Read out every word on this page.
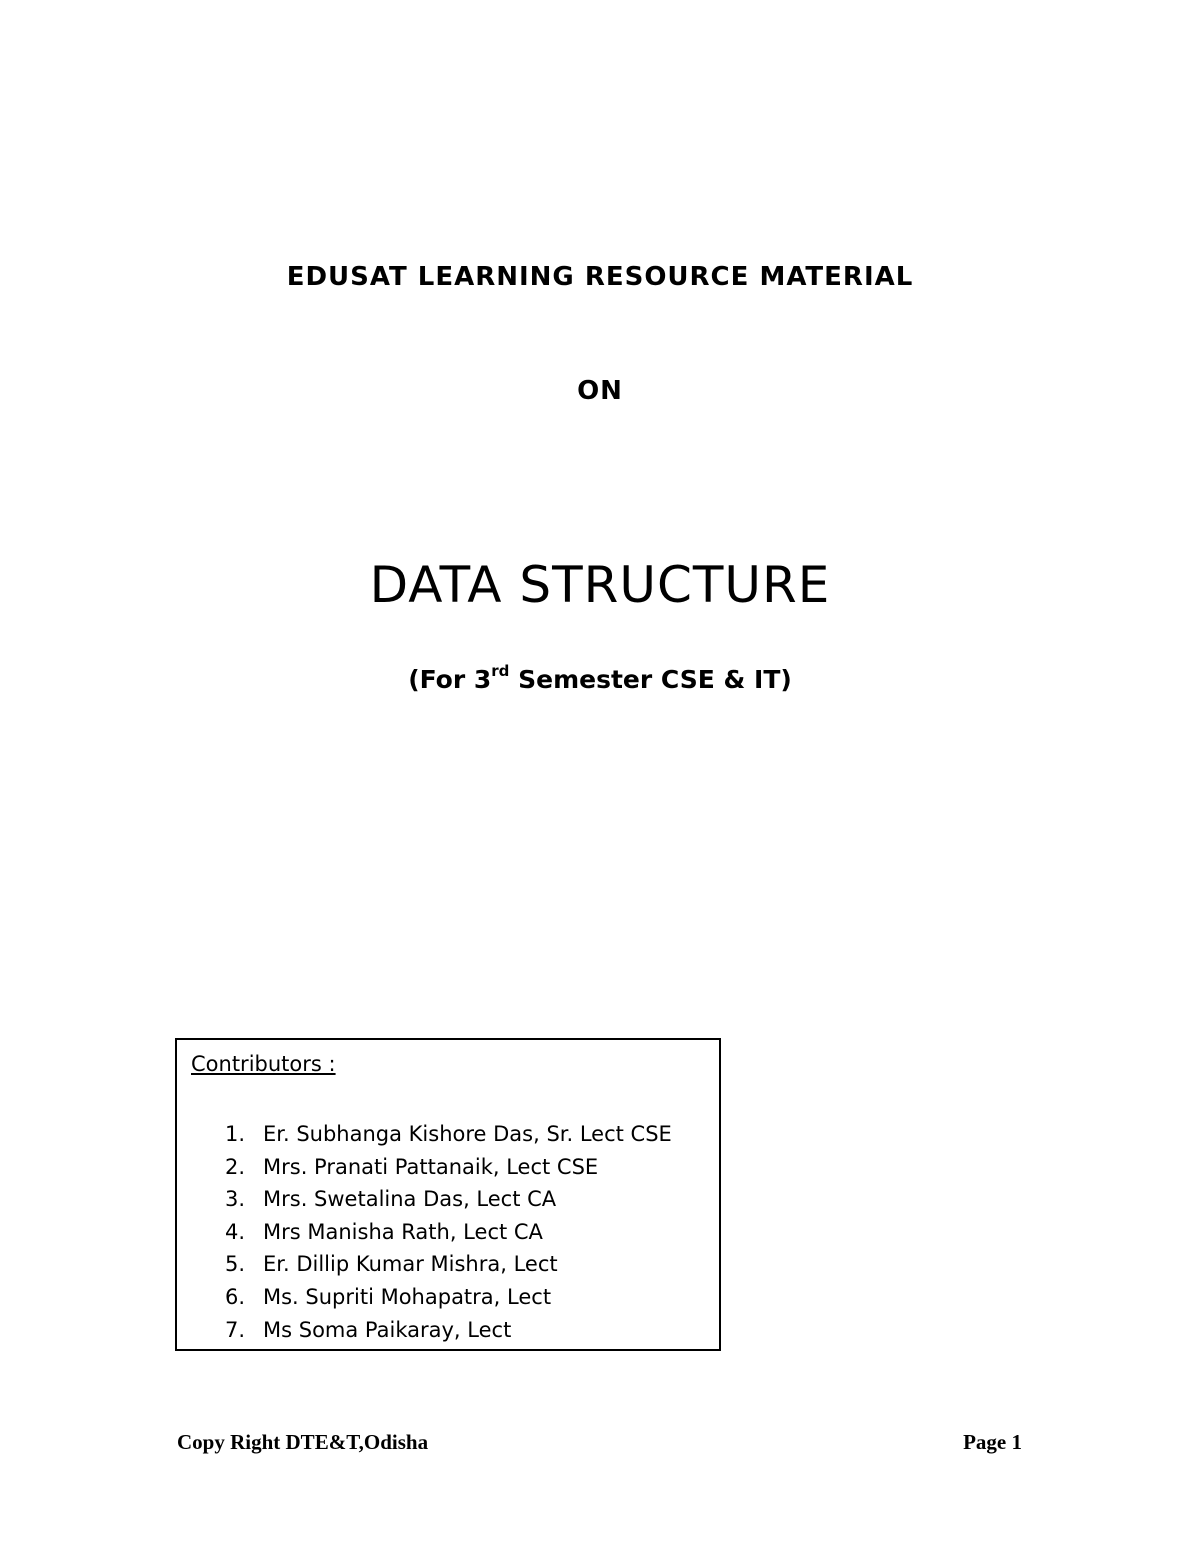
EDUSAT LEARNING RESOURCE MATERIAL
ON
DATA STRUCTURE
(For 3rd Semester CSE & IT)
Contributors :
1. Er. Subhanga Kishore Das, Sr. Lect CSE
2. Mrs. Pranati Pattanaik, Lect CSE
3. Mrs. Swetalina Das, Lect CA
4. Mrs Manisha Rath, Lect CA
5. Er. Dillip Kumar Mishra, Lect
6. Ms. Supriti Mohapatra, Lect
7. Ms Soma Paikaray, Lect
Copy Right DTE&T,Odisha	Page 1
